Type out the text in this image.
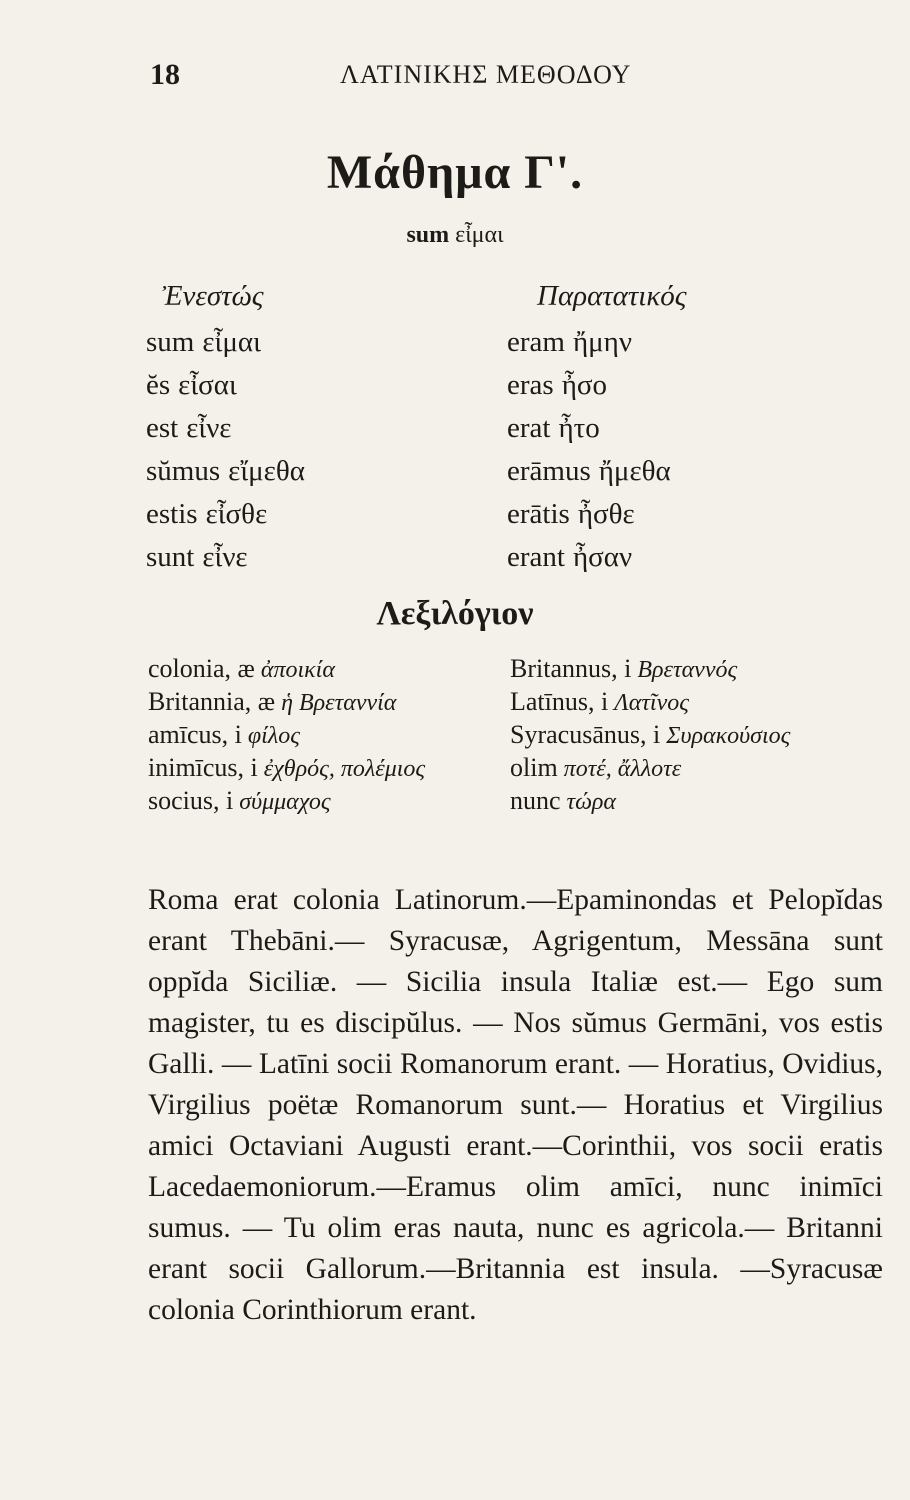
18	ΛΑΤΙΝΙΚΗΣ ΜΕΘΟΔΟΥ
Μάθημα Γ'.
sum εἶμαι
Ἐνεστώς
sum εἶμαι
ĕs εἶσαι
est εἶνε
sŭmus εἴμεθα
estis εἶσθε
sunt εἶνε
Παρατατικός
eram ἤμην
eras ἦσο
erat ἦτο
erāmus ἤμεθα
erātis ἦσθε
erant ἦσαν
Λεξιλόγιον
colonia, æ ἀποικία
Britannia, æ ἡ Βρεταννία
amīcus, i φίλος
inimīcus, i ἐχθρός, πολέμιος
socius, i σύμμαχος
Britannus, i Βρεταννός
Latīnus, i Λατῖνος
Syracusānus, i Συρακούσιος
olim ποτέ, ἄλλοτε
nunc τώρα

Roma erat colonia Latinorum.—Epaminondas et Pelopĭdas erant Thebāni.— Syracusæ, Agrigentum, Messāna sunt oppĭda Siciliæ. — Sicilia insula Italiæ est.— Ego sum magister, tu es discipŭlus. — Nos sŭmus Germāni, vos estis Galli. — Latīni socii Romanorum erant. — Horatius, Ovidius, Virgilius poëtæ Romanorum sunt.— Horatius et Virgilius amici Octaviani Augusti erant.—Corinthii, vos socii eratis Lacedaemoniorum.—Eramus olim amīci, nunc inimīci sumus. — Tu olim eras nauta, nunc es agricola.— Britanni erant socii Gallorum.—Britannia est insula. —Syracusæ colonia Corinthiorum erant.
